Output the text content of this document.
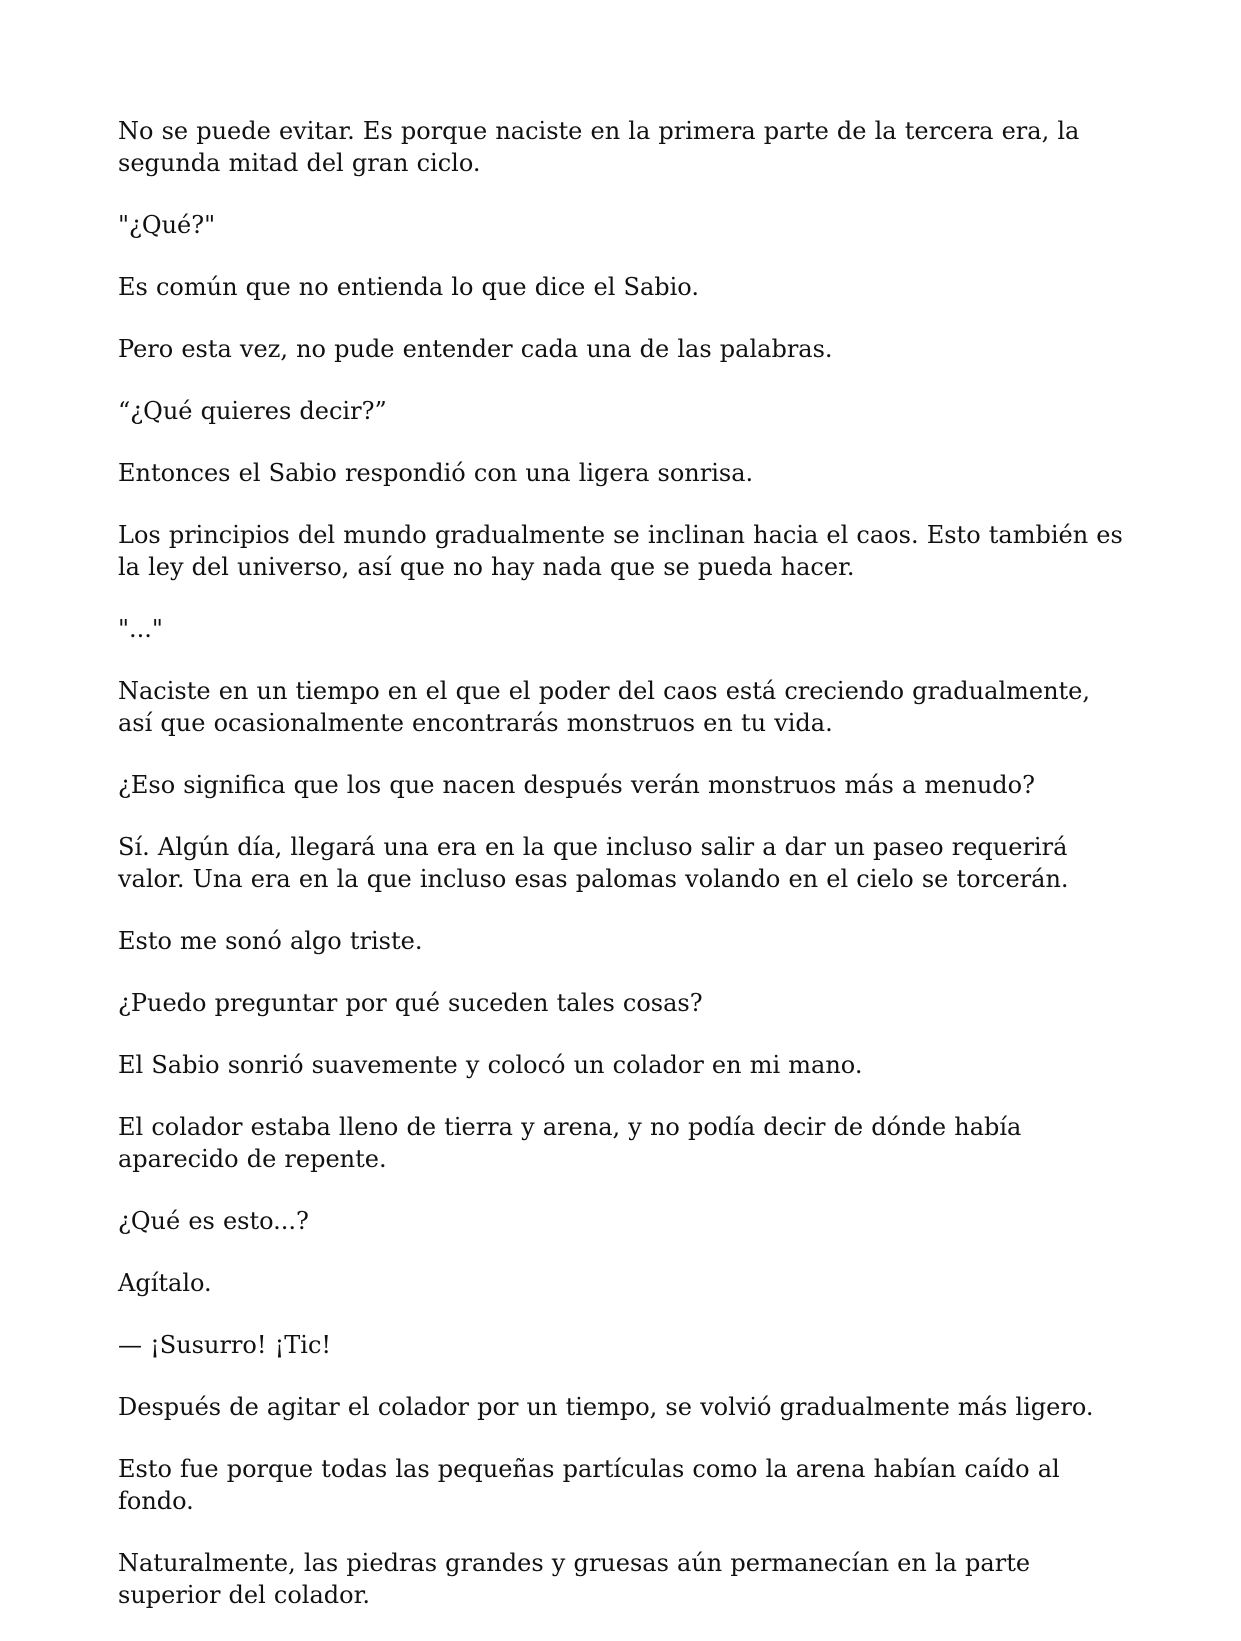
No se puede evitar. Es porque naciste en la primera parte de la tercera era, la segunda mitad del gran ciclo.

"¿Qué?"

Es común que no entienda lo que dice el Sabio.

Pero esta vez, no pude entender cada una de las palabras.

“¿Qué quieres decir?”

Entonces el Sabio respondió con una ligera sonrisa.

Los principios del mundo gradualmente se inclinan hacia el caos. Esto también es la ley del universo, así que no hay nada que se pueda hacer.

"..."

Naciste en un tiempo en el que el poder del caos está creciendo gradualmente, así que ocasionalmente encontrarás monstruos en tu vida.

¿Eso significa que los que nacen después verán monstruos más a menudo?

Sí. Algún día, llegará una era en la que incluso salir a dar un paseo requerirá valor. Una era en la que incluso esas palomas volando en el cielo se torcerán.

Esto me sonó algo triste.

¿Puedo preguntar por qué suceden tales cosas?

El Sabio sonrió suavemente y colocó un colador en mi mano.

El colador estaba lleno de tierra y arena, y no podía decir de dónde había aparecido de repente.

¿Qué es esto...?

Agítalo.

— ¡Susurro! ¡Tic!

Después de agitar el colador por un tiempo, se volvió gradualmente más ligero.

Esto fue porque todas las pequeñas partículas como la arena habían caído al fondo.

Naturalmente, las piedras grandes y gruesas aún permanecían en la parte superior del colador.
